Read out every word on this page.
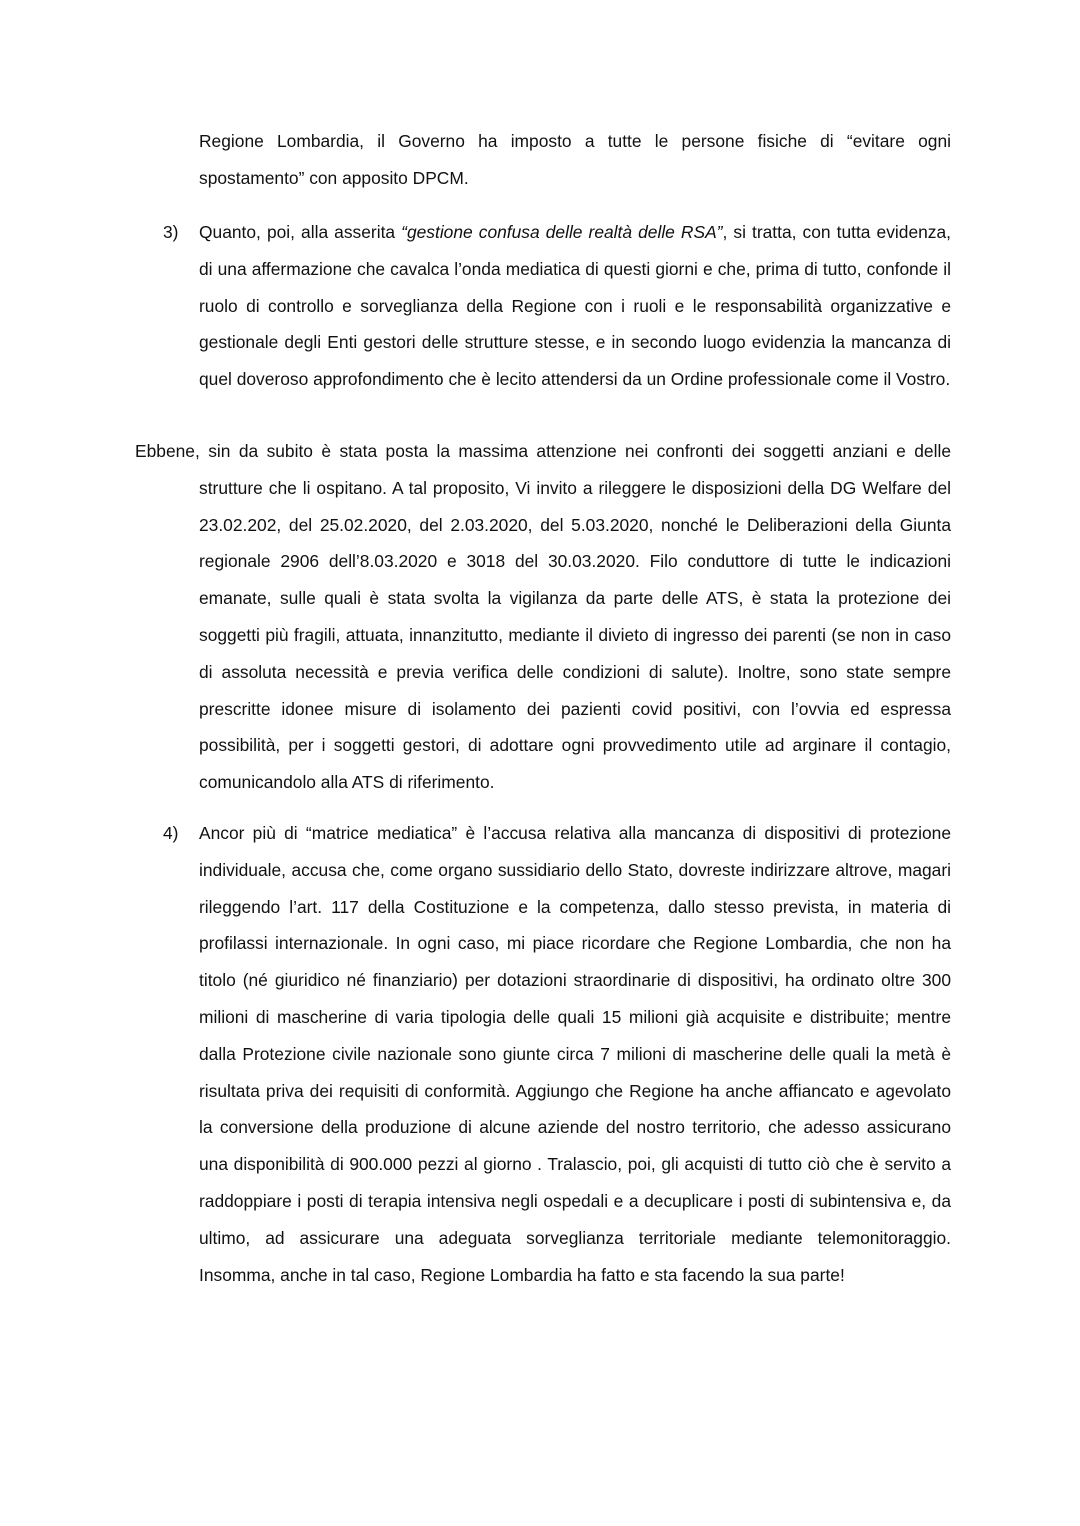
Regione Lombardia, il Governo ha imposto a tutte le persone fisiche di “evitare ogni spostamento” con apposito DPCM.
3) Quanto, poi, alla asserita “gestione confusa delle realtà delle RSA”, si tratta, con tutta evidenza, di una affermazione che cavalca l’onda mediatica di questi giorni e che, prima di tutto, confonde il ruolo di controllo e sorveglianza della Regione con i ruoli e le responsabilità organizzative e gestionale degli Enti gestori delle strutture stesse, e in secondo luogo evidenzia la mancanza di quel doveroso approfondimento che è lecito attendersi da un Ordine professionale come il Vostro.
Ebbene, sin da subito è stata posta la massima attenzione nei confronti dei soggetti anziani e delle strutture che li ospitano. A tal proposito, Vi invito a rileggere le disposizioni della DG Welfare del 23.02.202, del 25.02.2020, del 2.03.2020, del 5.03.2020, nonché le Deliberazioni della Giunta regionale 2906 dell’8.03.2020 e 3018 del 30.03.2020. Filo conduttore di tutte le indicazioni emanate, sulle quali è stata svolta la vigilanza da parte delle ATS, è stata la protezione dei soggetti più fragili, attuata, innanzitutto, mediante il divieto di ingresso dei parenti (se non in caso di assoluta necessità e previa verifica delle condizioni di salute). Inoltre, sono state sempre prescritte idonee misure di isolamento dei pazienti covid positivi, con l’ovvia ed espressa possibilità, per i soggetti gestori, di adottare ogni provvedimento utile ad arginare il contagio, comunicandolo alla ATS di riferimento.
4) Ancor più di “matrice mediatica” è l’accusa relativa alla mancanza di dispositivi di protezione individuale, accusa che, come organo sussidiario dello Stato, dovreste indirizzare altrove, magari rileggendo l’art. 117 della Costituzione e la competenza, dallo stesso prevista, in materia di profilassi internazionale. In ogni caso, mi piace ricordare che Regione Lombardia, che non ha titolo (né giuridico né finanziario) per dotazioni straordinarie di dispositivi, ha ordinato oltre 300 milioni di mascherine di varia tipologia delle quali 15 milioni già acquisite e distribuite; mentre dalla Protezione civile nazionale sono giunte circa 7 milioni di mascherine delle quali la metà è risultata priva dei requisiti di conformità. Aggiungo che Regione ha anche affiancato e agevolato la conversione della produzione di alcune aziende del nostro territorio, che adesso assicurano una disponibilità di 900.000 pezzi al giorno . Tralascio, poi, gli acquisti di tutto ciò che è servito a raddoppiare i posti di terapia intensiva negli ospedali e a decuplicare i posti di subintensiva e, da ultimo, ad assicurare una adeguata sorveglianza territoriale mediante telemonitoraggio. Insomma, anche in tal caso, Regione Lombardia ha fatto e sta facendo la sua parte!
